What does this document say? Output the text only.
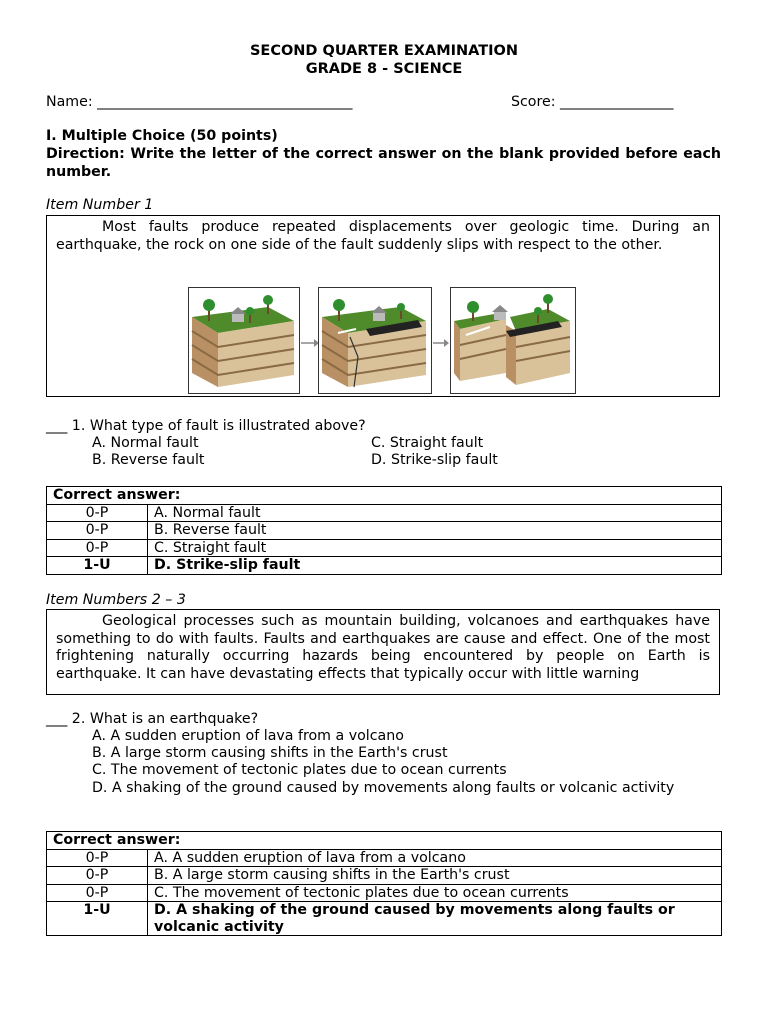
SECOND QUARTER EXAMINATION
GRADE 8 - SCIENCE
Name: ____________________________________	Score: ________________
I. Multiple Choice (50 points)
Direction: Write the letter of the correct answer on the blank provided before each number.
Item Number 1
Most faults produce repeated displacements over geologic time. During an earthquake, the rock on one side of the fault suddenly slips with respect to the other.
___ 1. What type of fault is illustrated above?
A. Normal fault	C. Straight fault
B. Reverse fault	D. Strike-slip fault
Correct answer:	
0-P	A. Normal fault
0-P	B. Reverse fault
0-P	C. Straight fault
1-U	D. Strike-slip fault
Item Numbers 2 – 3
Geological processes such as mountain building, volcanoes and earthquakes have something to do with faults. Faults and earthquakes are cause and effect. One of the most frightening naturally occurring hazards being encountered by people on Earth is earthquake. It can have devastating effects that typically occur with little warning
___ 2. What is an earthquake?
A. A sudden eruption of lava from a volcano
B. A large storm causing shifts in the Earth's crust
C. The movement of tectonic plates due to ocean currents
D. A shaking of the ground caused by movements along faults or volcanic activity
Correct answer:	
0-P	A. A sudden eruption of lava from a volcano
0-P	B. A large storm causing shifts in the Earth's crust
0-P	C. The movement of tectonic plates due to ocean currents
1-U	D. A shaking of the ground caused by movements along faults or volcanic activity
